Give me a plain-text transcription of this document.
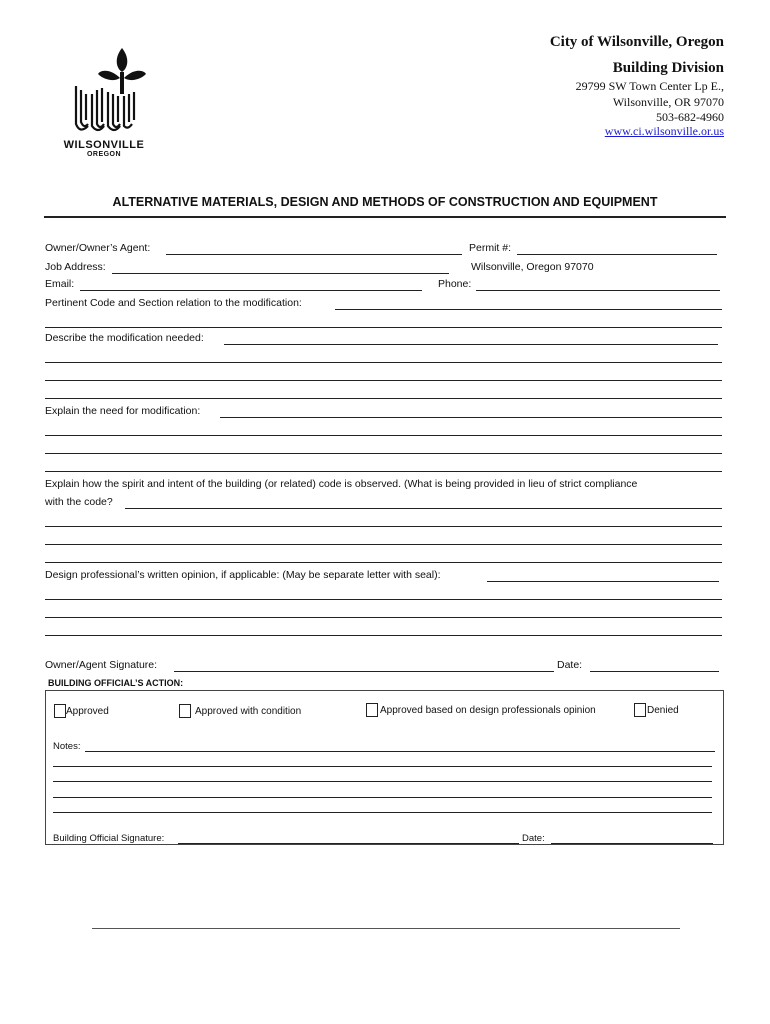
WILSONVILLE
OREGON
City of Wilsonville, Oregon
Building Division
29799 SW Town Center Lp E.,
Wilsonville, OR 97070
503-682-4960
www.ci.wilsonville.or.us
ALTERNATIVE MATERIALS, DESIGN AND METHODS OF CONSTRUCTION AND EQUIPMENT
Owner/Owner’s Agent:	Permit #:
Job Address:	Wilsonville, Oregon 97070
Email:	Phone:
Pertinent Code and Section relation to the modification:
Describe the modification needed:
Explain the need for modification:
Explain how the spirit and intent of the building (or related) code is observed. (What is being provided in lieu of strict compliance
with the code?
Design professional’s written opinion, if applicable: (May be separate letter with seal):
Owner/Agent Signature:	Date:
BUILDING OFFICIAL’S ACTION:
Approved	Approved with condition	Approved based on design professionals opinion	Denied
Notes:
Building Official Signature:	Date:
